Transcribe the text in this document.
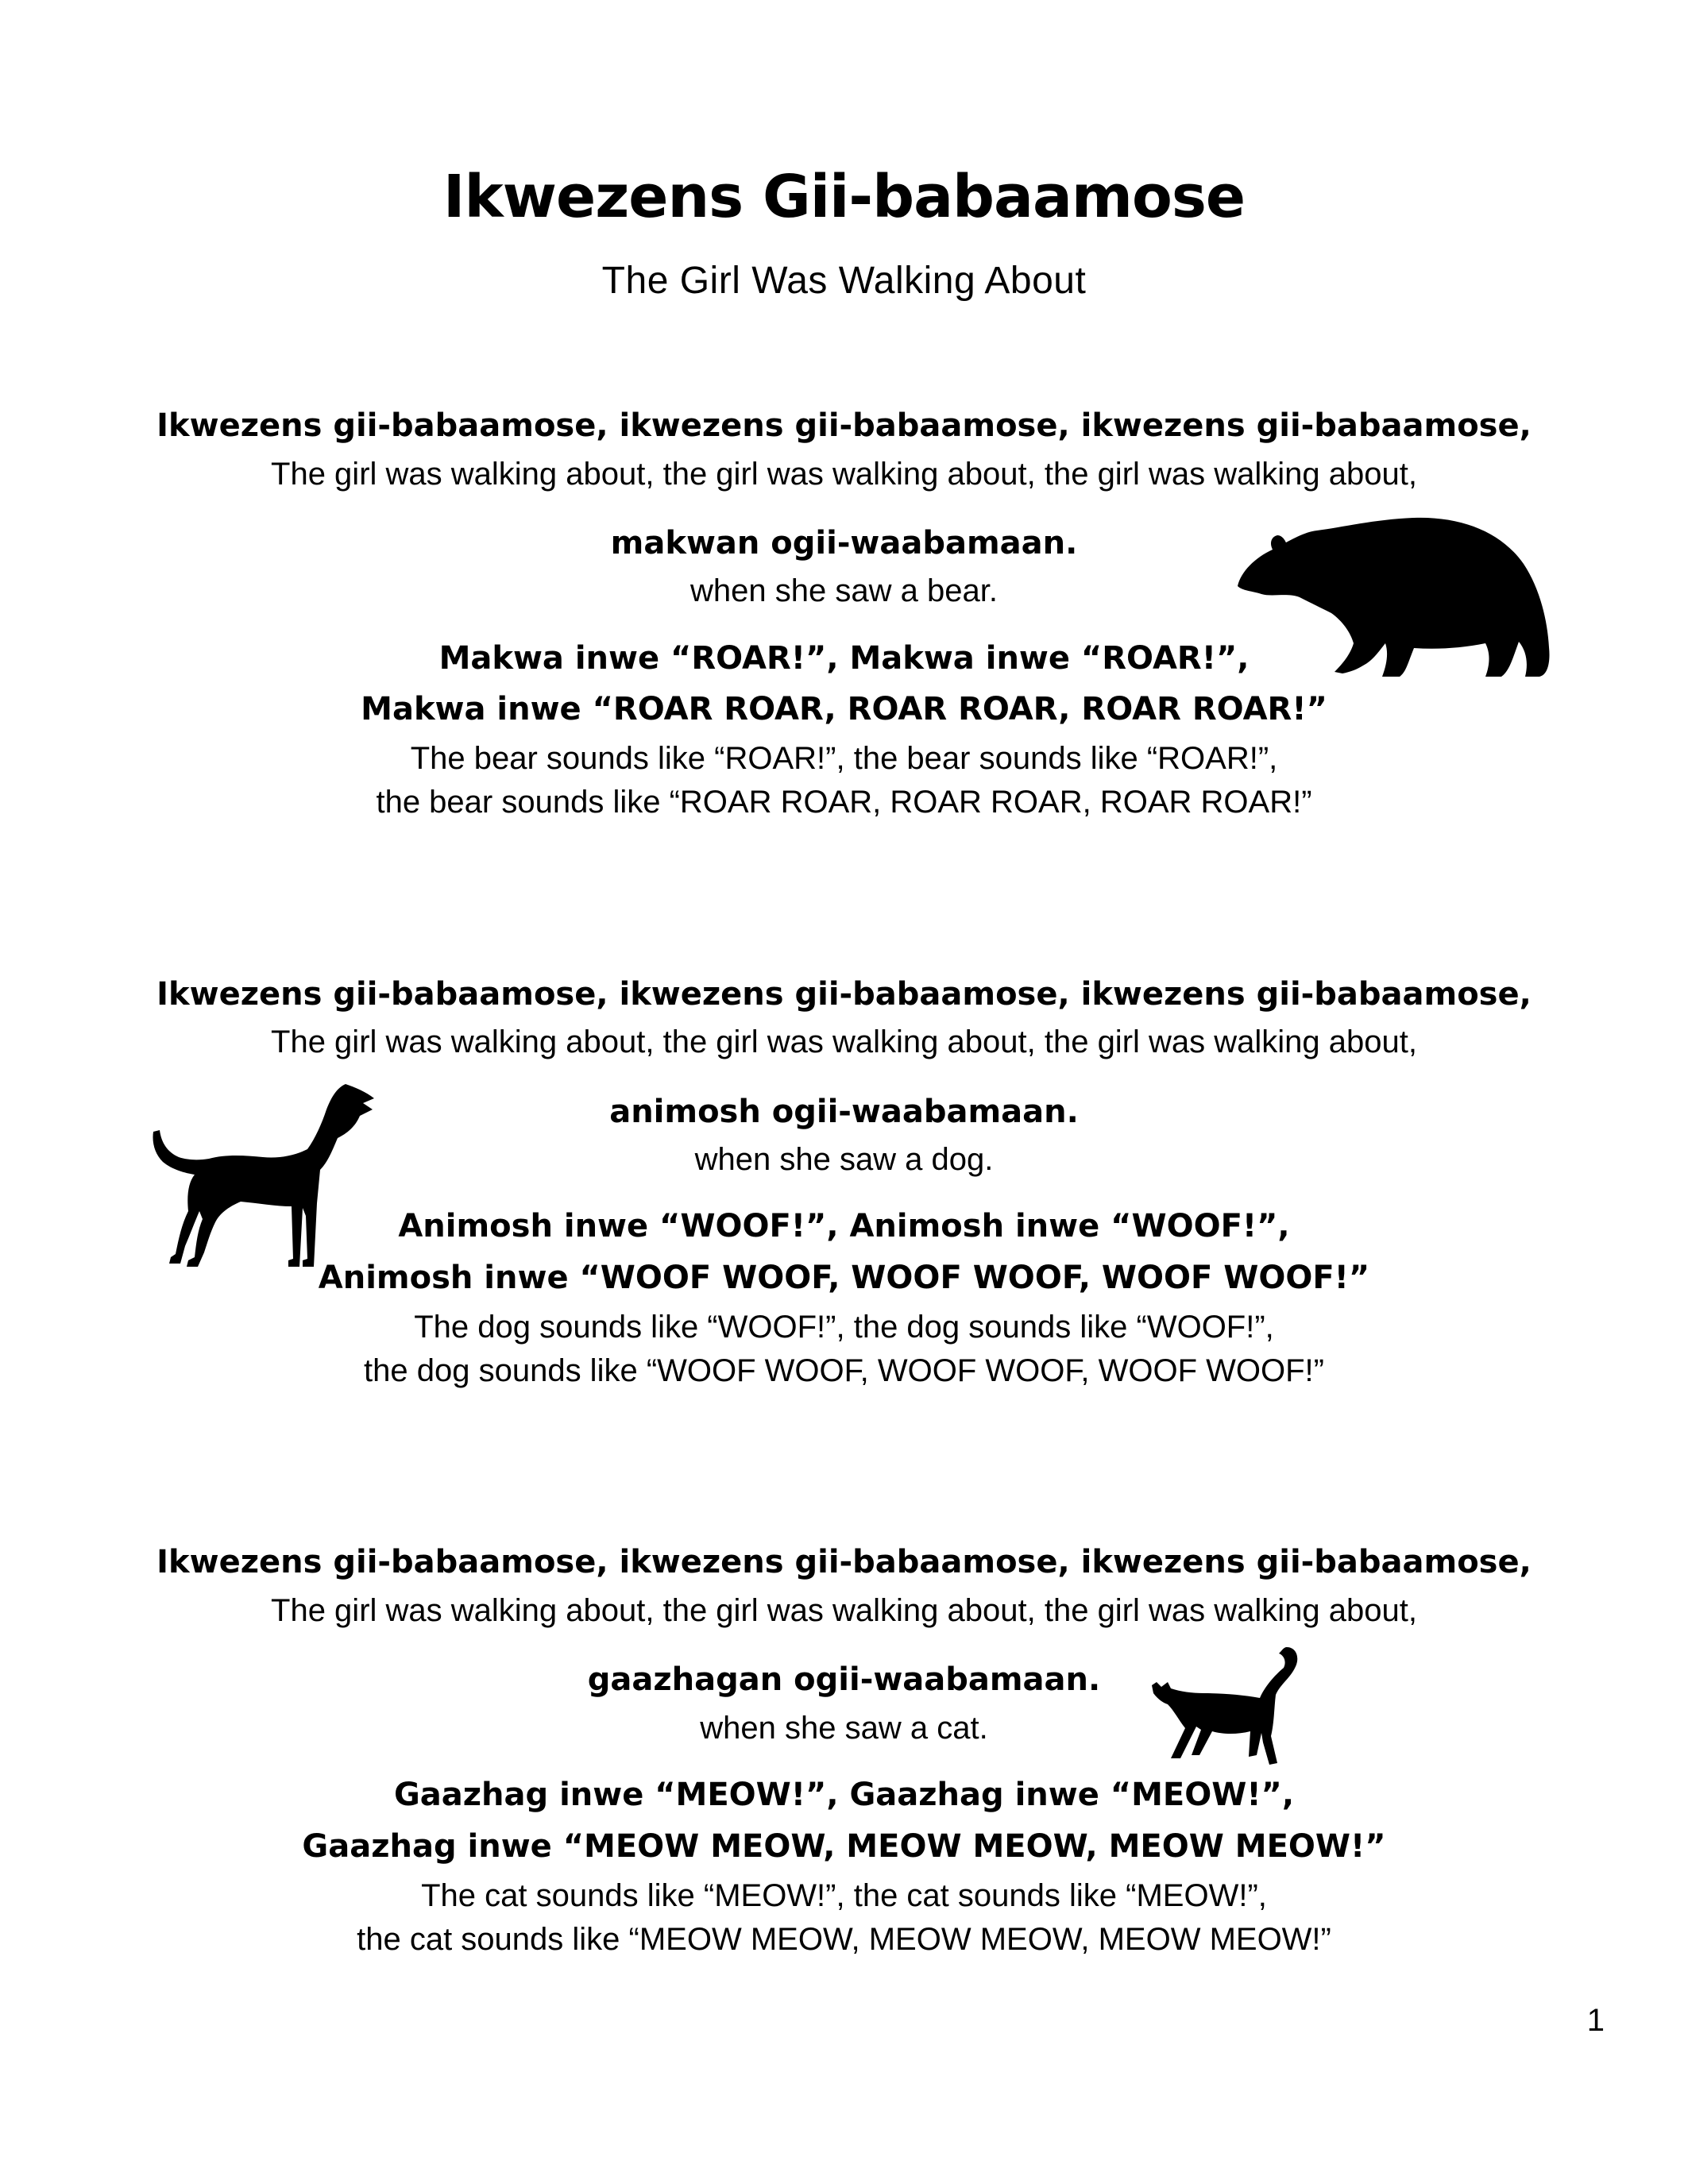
Ikwezens Gii-babaamose
The Girl Was Walking About
Ikwezens gii-babaamose, ikwezens gii-babaamose, ikwezens gii-babaamose,
The girl was walking about, the girl was walking about, the girl was walking about,
makwan ogii-waabamaan.
when she saw a bear.
Makwa inwe “ROAR!”, Makwa inwe “ROAR!”,
Makwa inwe “ROAR ROAR, ROAR ROAR, ROAR ROAR!”
The bear sounds like “ROAR!”, the bear sounds like “ROAR!”,
the bear sounds like “ROAR ROAR, ROAR ROAR, ROAR ROAR!”
Ikwezens gii-babaamose, ikwezens gii-babaamose, ikwezens gii-babaamose,
The girl was walking about, the girl was walking about, the girl was walking about,
animosh ogii-waabamaan.
when she saw a dog.
Animosh inwe “WOOF!”, Animosh inwe “WOOF!”,
Animosh inwe “WOOF WOOF, WOOF WOOF, WOOF WOOF!”
The dog sounds like “WOOF!”, the dog sounds like “WOOF!”,
the dog sounds like “WOOF WOOF, WOOF WOOF, WOOF WOOF!”
Ikwezens gii-babaamose, ikwezens gii-babaamose, ikwezens gii-babaamose,
The girl was walking about, the girl was walking about, the girl was walking about,
gaazhagan ogii-waabamaan.
when she saw a cat.
Gaazhag inwe “MEOW!”, Gaazhag inwe “MEOW!”,
Gaazhag inwe “MEOW MEOW, MEOW MEOW, MEOW MEOW!”
The cat sounds like “MEOW!”, the cat sounds like “MEOW!”,
the cat sounds like “MEOW MEOW, MEOW MEOW, MEOW MEOW!”
1
